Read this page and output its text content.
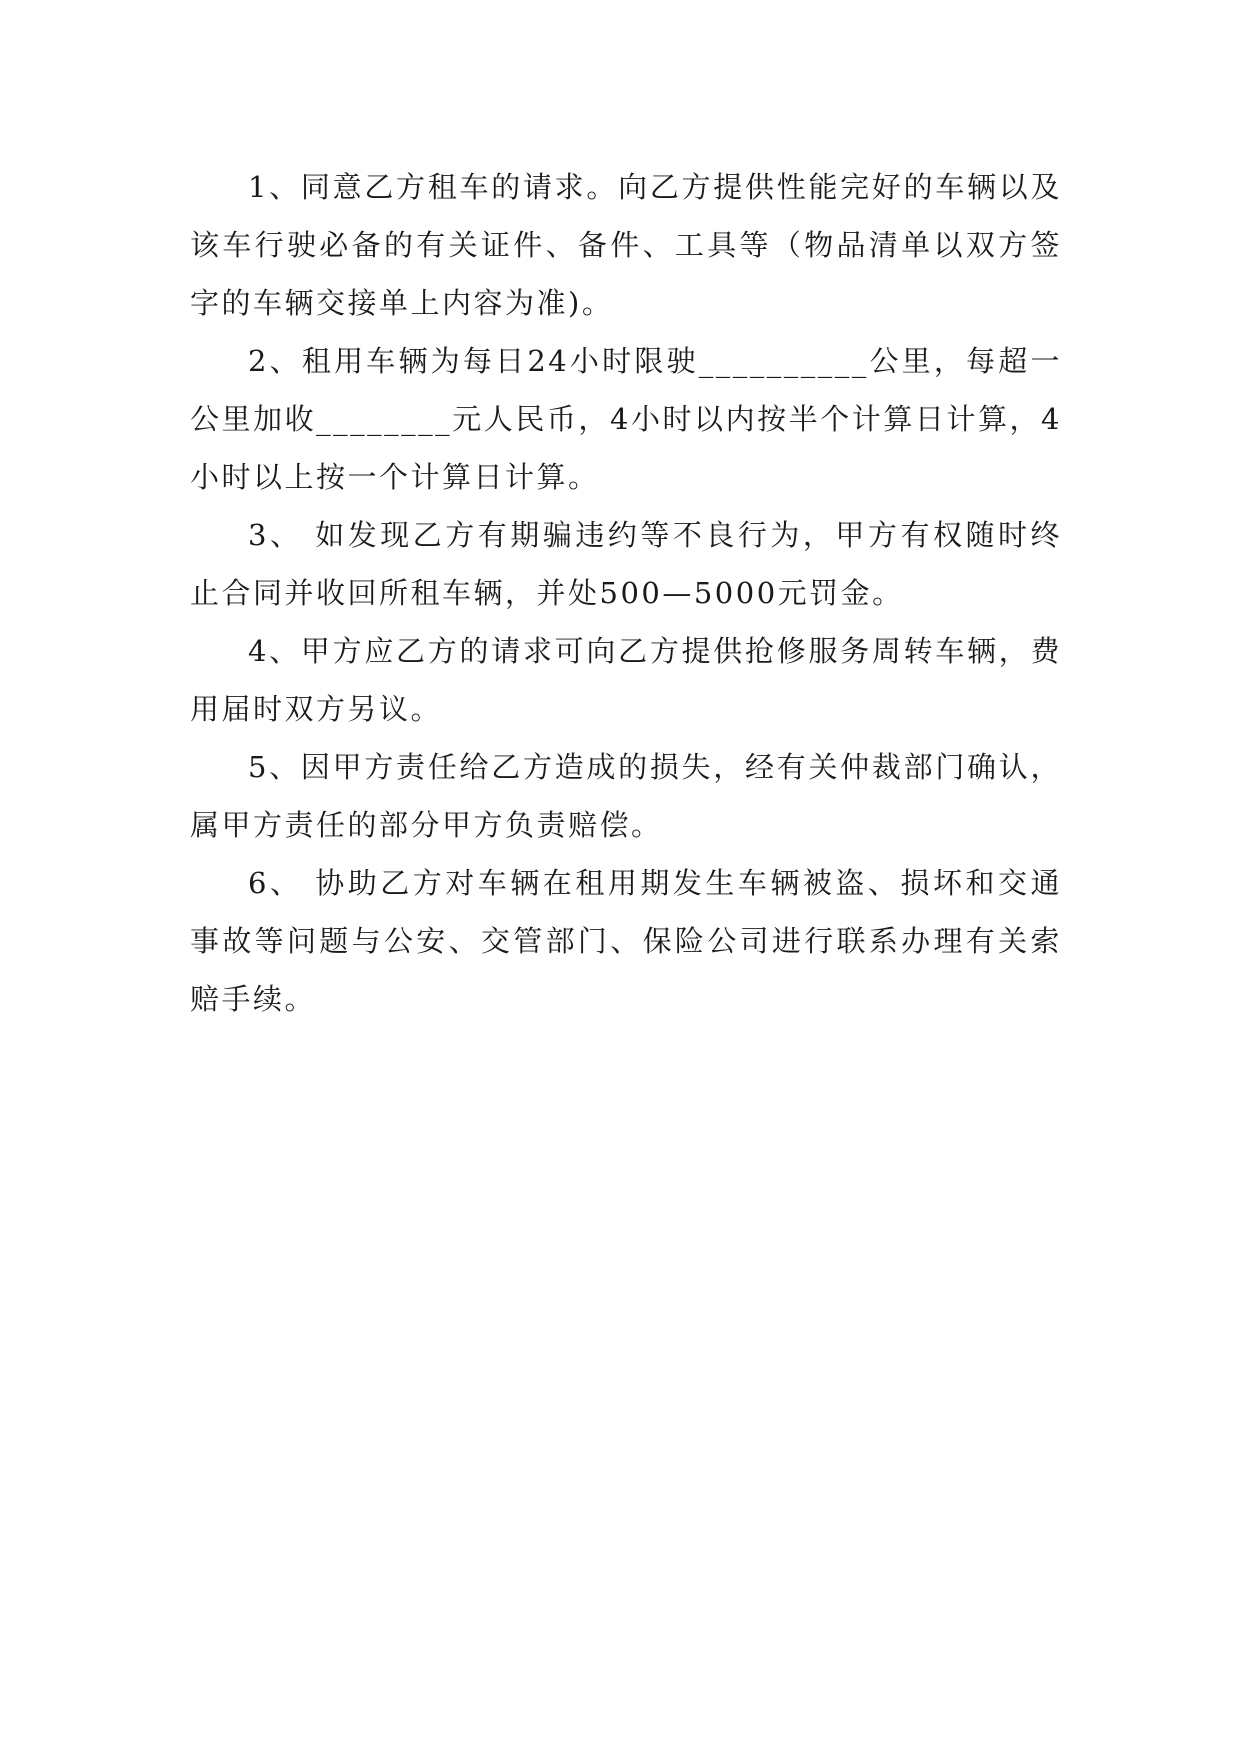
1、同意乙方租车的请求。向乙方提供性能完好的车辆以及该车行驶必备的有关证件、备件、工具等（物品清单以双方签字的车辆交接单上内容为准)。

2、租用车辆为每日24小时限驶__________公里，每超一公里加收________元人民币，4小时以内按半个计算日计算，4小时以上按一个计算日计算。

3、 如发现乙方有期骗违约等不良行为，甲方有权随时终止合同并收回所租车辆，并处500—5000元罚金。

4、甲方应乙方的请求可向乙方提供抢修服务周转车辆，费用届时双方另议。

5、因甲方责任给乙方造成的损失，经有关仲裁部门确认，属甲方责任的部分甲方负责赔偿。

6、 协助乙方对车辆在租用期发生车辆被盗、损坏和交通事故等问题与公安、交管部门、保险公司进行联系办理有关索赔手续。
